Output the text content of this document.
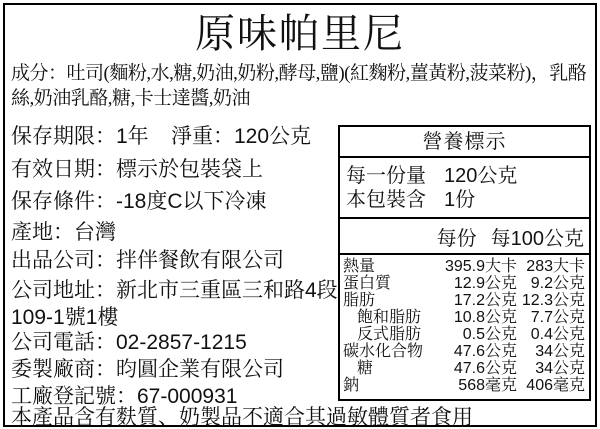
原味帕里尼

成分：吐司(麵粉,水,糖,奶油,奶粉,酵母,鹽)(紅麴粉,薑黃粉,菠菜粉)，乳酪絲,奶油乳酪,糖,卡士達醬,奶油

保存期限：1年 淨重：120公克
有效日期：標示於包裝袋上
保存條件：-18度C以下冷凍
產地：台灣
出品公司：拌伴餐飲有限公司
公司地址：新北市三重區三和路4段109-1號1樓
公司電話：02-2857-1215
委製廠商：昀圓企業有限公司
工廠登記號：67-000931
營養標示
每一份量 120公克
本包裝含 1份
每份 每100公克
熱量	395.9大卡 283大卡
蛋白質	12.9公克 9.2公克
脂肪	17.2公克 12.3公克
飽和脂肪	10.8公克 7.7公克
反式脂肪	0.5公克 0.4公克
碳水化合物	47.6公克	34公克
糖	47.6公克	34公克
鈉	568毫克 406毫克
本產品含有麩質、奶製品不適合其過敏體質者食用
